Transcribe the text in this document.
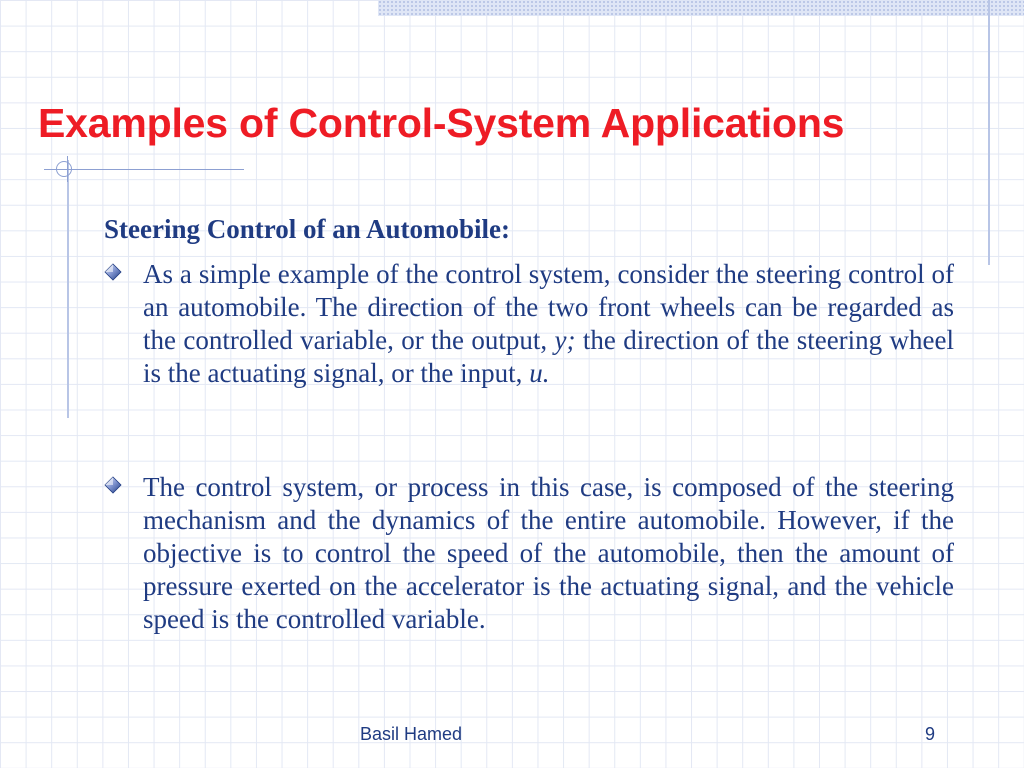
Examples of Control-System Applications
Steering Control of an Automobile:

As a simple example of the control system, consider the steering control of an automobile. The direction of the two front wheels can be regarded as the controlled variable, or the output, y; the direction of the steering wheel is the actuating signal, or the input, u.

The control system, or process in this case, is composed of the steering mechanism and the dynamics of the entire automobile. However, if the objective is to control the speed of the automobile, then the amount of pressure exerted on the accelerator is the actuating signal, and the vehicle speed is the controlled variable.

Basil Hamed	9
